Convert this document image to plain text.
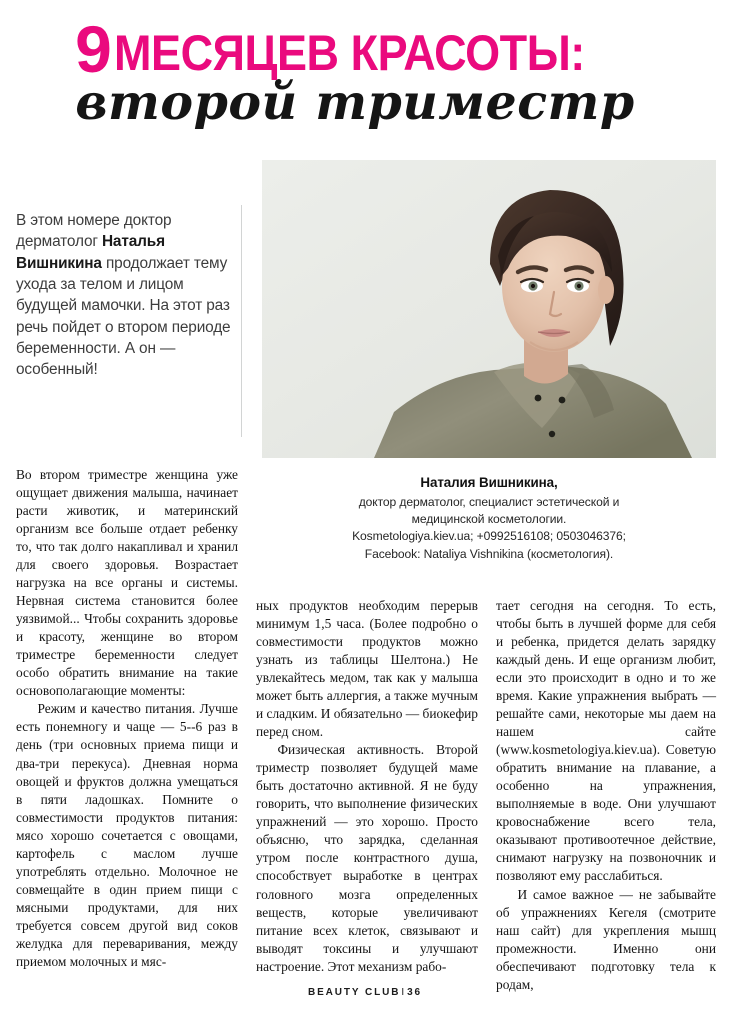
9МЕСЯЦЕВ КРАСОТЫ:
второй триместр
В этом номере доктор дерматолог Наталья Вишникина продолжает тему ухода за телом и лицом будущей мамочки. На этот раз речь пойдет о втором периоде беременности. А он — особенный!
Наталия Вишникина,
доктор дерматолог, специалист эстетической и
медицинской косметологии.
Kosmetologiya.kiev.ua; +0992516108; 0503046376;
Facebook: Nataliya Vishnikina (косметология).

Во втором триместре женщина уже ощущает движения малыша, начинает расти животик, и материнский организм все больше отдает ребенку то, что так долго накапливал и хранил для своего здоровья. Возрастает нагрузка на все органы и системы. Нервная система становится более уязвимой... Чтобы сохранить здоровье и красоту, женщине во втором триместре беременности следует особо обратить внимание на такие основополагающие моменты:

Режим и качество питания. Лучше есть понемногу и чаще — 5--6 раз в день (три основных приема пищи и два-три перекуса). Дневная норма овощей и фруктов должна умещаться в пяти ладошках. Помните о совместимости продуктов питания: мясо хорошо сочетается с овощами, картофель с маслом лучше употреблять отдельно. Молочное не совмещайте в один прием пищи с мясными продуктами, для них требуется совсем другой вид соков желудка для переваривания, между приемом молочных и мяс-

ных продуктов необходим перерыв минимум 1,5 часа. (Более подробно о совместимости продуктов можно узнать из таблицы Шелтона.) Не увлекайтесь медом, так как у малыша может быть аллергия, а также мучным и сладким. И обязательно — биокефир перед сном.

Физическая активность. Второй триместр позволяет будущей маме быть достаточно активной. Я не буду говорить, что выполнение физических упражнений — это хорошо. Просто объясню, что зарядка, сделанная утром после контрастного душа, способствует выработке в центрах головного мозга определенных веществ, которые увеличивают питание всех клеток, связывают и выводят токсины и улучшают настроение. Этот механизм рабо-

тает сегодня на сегодня. То есть, чтобы быть в лучшей форме для себя и ребенка, придется делать зарядку каждый день. И еще организм любит, если это происходит в одно и то же время. Какие упражнения выбрать — решайте сами, некоторые мы даем на нашем сайте (www.kosmetologiya.kiev.ua). Советую обратить внимание на плавание, а особенно на упражнения, выполняемые в воде. Они улучшают кровоснабжение всего тела, оказывают противоотечное действие, снимают нагрузку на позвоночник и позволяют ему расслабиться.

И самое важное — не забывайте об упражнениях Кегеля (смотрите наш сайт) для укрепления мышц промежности. Именно они обеспечивают подготовку тела к родам,

BEAUTY CLUBI36
